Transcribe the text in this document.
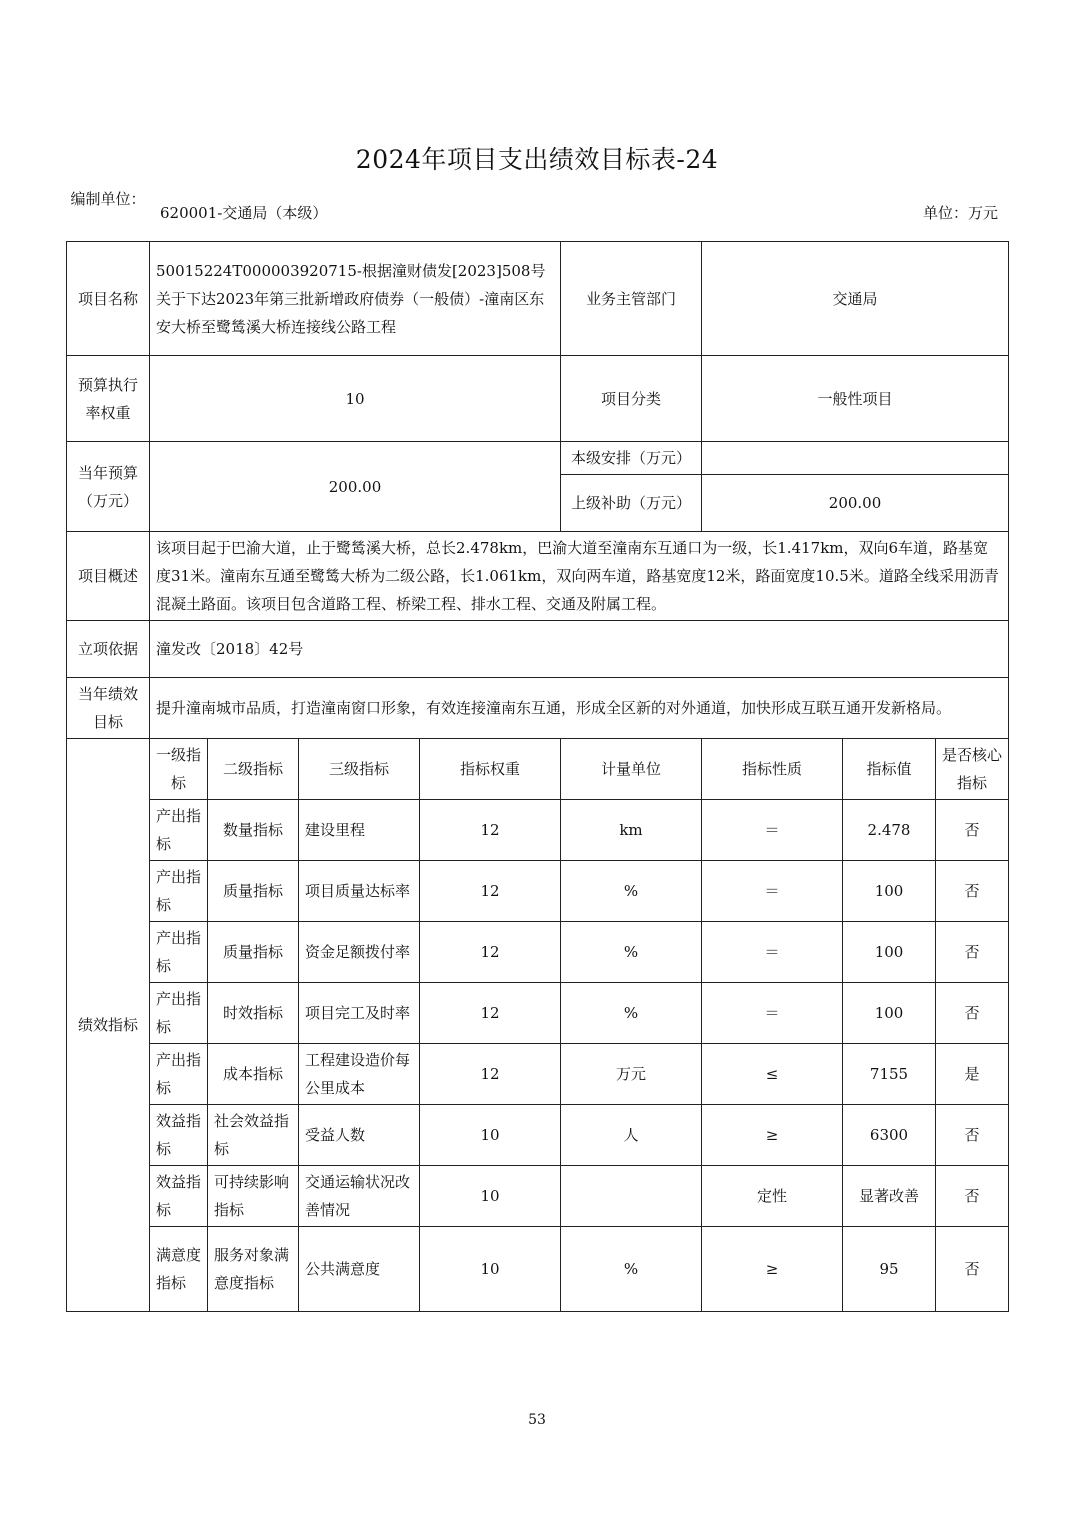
2024年项目支出绩效目标表-24
编制单位：
620001-交通局（本级）	单位：万元
项目名称	50015224T000003920715-根据潼财债发[2023]508号关于下达2023年第三批新增政府债券（一般债）-潼南区东安大桥至鹭鸶溪大桥连接线公路工程				业务主管部门	交通局		
预算执行率权重	10				项目分类	一般性项目		
当年预算（万元）	200.00				本级安排（万元）			
					上级补助（万元）	200.00		
项目概述	该项目起于巴渝大道，止于鹭鸶溪大桥，总长2.478km，巴渝大道至潼南东互通口为一级，长1.417km，双向6车道，路基宽度31米。潼南东互通至鹭鸶大桥为二级公路，长1.061km，双向两车道，路基宽度12米，路面宽度10.5米。道路全线采用沥青混凝土路面。该项目包含道路工程、桥梁工程、排水工程、交通及附属工程。							
立项依据	潼发改〔2018〕42号							
当年绩效目标	提升潼南城市品质，打造潼南窗口形象，有效连接潼南东互通，形成全区新的对外通道，加快形成互联互通开发新格局。							
绩效指标	一级指标	二级指标	三级指标	指标权重	计量单位	指标性质	指标值	是否核心指标
	产出指标	数量指标	建设里程	12	km	＝	2.478	否
	产出指标	质量指标	项目质量达标率	12	%	＝	100	否
	产出指标	质量指标	资金足额拨付率	12	%	＝	100	否
	产出指标	时效指标	项目完工及时率	12	%	＝	100	否
	产出指标	成本指标	工程建设造价每公里成本	12	万元	≤	7155	是
	效益指标	社会效益指标	受益人数	10	人	≥	6300	否
	效益指标	可持续影响指标	交通运输状况改善情况	10		定性	显著改善	否
	满意度指标	服务对象满意度指标	公共满意度	10	%	≥	95	否
53
